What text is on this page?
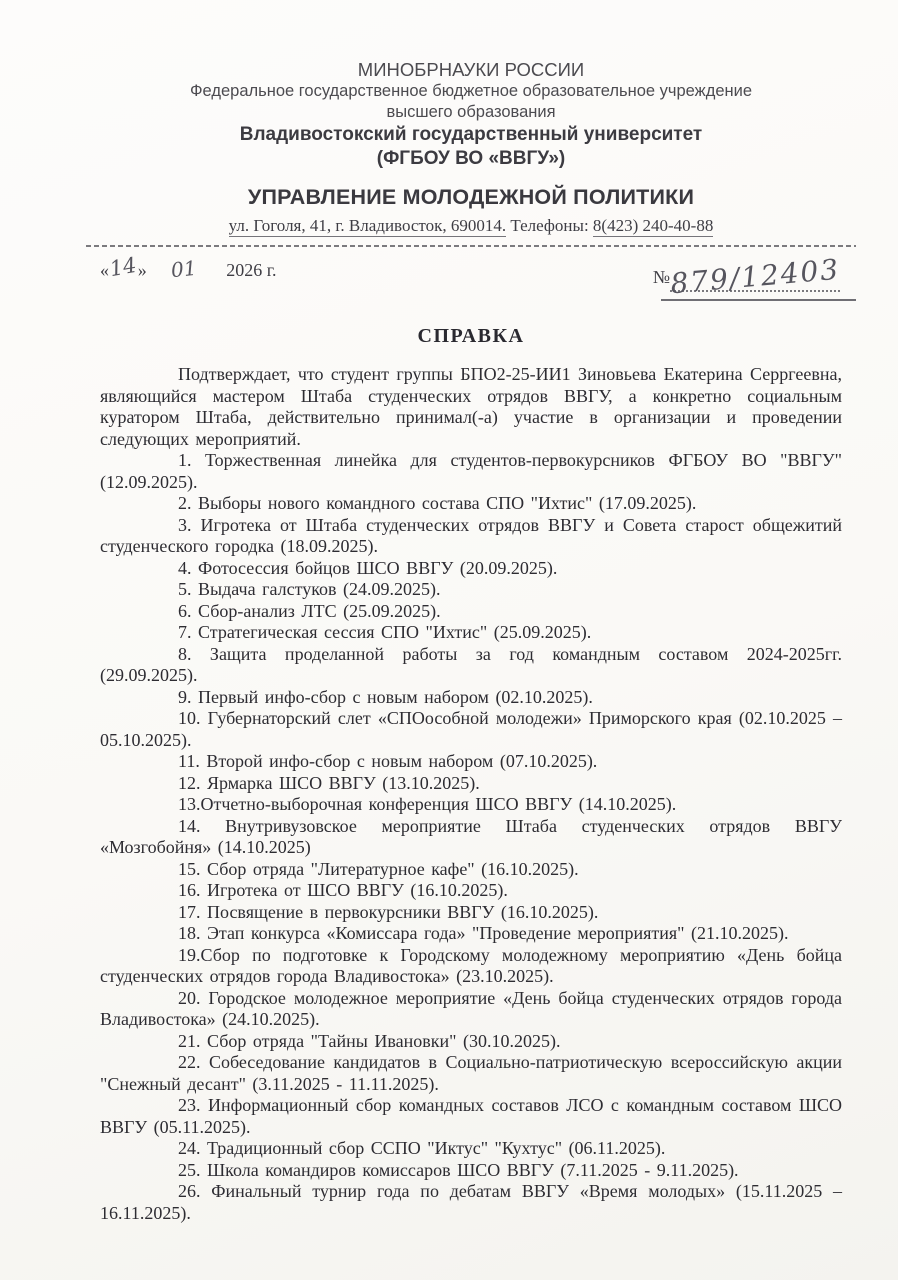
МИНОБРНАУКИ РОССИИ
Федеральное государственное бюджетное образовательное учреждение
высшего образования
Владивостокский государственный университет
(ФГБОУ ВО «ВВГУ»)
УПРАВЛЕНИЕ МОЛОДЕЖНОЙ ПОЛИТИКИ
ул. Гоголя, 41, г. Владивосток, 690014. Телефоны: 8(423) 240-40-88
«14» 01 2026 г.	№879/12403
СПРАВКА

Подтверждает, что студент группы БПО2-25-ИИ1 Зиновьева Екатерина Серргеевна, являющийся мастером Штаба студенческих отрядов ВВГУ, а конкретно социальным куратором Штаба, действительно принимал(-а) участие в организации и проведении следующих мероприятий.

1. Торжественная линейка для студентов-первокурсников ФГБОУ ВО "ВВГУ" (12.09.2025).

2. Выборы нового командного состава СПО "Ихтис" (17.09.2025).

3. Игротека от Штаба студенческих отрядов ВВГУ и Совета старост общежитий студенческого городка (18.09.2025).

4. Фотосессия бойцов ШСО ВВГУ (20.09.2025).

5. Выдача галстуков (24.09.2025).

6. Сбор-анализ ЛТС (25.09.2025).

7. Стратегическая сессия СПО "Ихтис" (25.09.2025).

8. Защита проделанной работы за год командным составом 2024-2025гг. (29.09.2025).

9. Первый инфо-сбор с новым набором (02.10.2025).

10. Губернаторский слет «СПОособной молодежи» Приморского края (02.10.2025 – 05.10.2025).

11. Второй инфо-сбор с новым набором (07.10.2025).

12. Ярмарка ШСО ВВГУ (13.10.2025).

13.Отчетно-выборочная конференция ШСО ВВГУ (14.10.2025).

14. Внутривузовское мероприятие Штаба студенческих отрядов ВВГУ «Мозгобойня» (14.10.2025)

15. Сбор отряда "Литературное кафе" (16.10.2025).

16. Игротека от ШСО ВВГУ (16.10.2025).

17. Посвящение в первокурсники ВВГУ (16.10.2025).

18. Этап конкурса «Комиссара года» "Проведение мероприятия" (21.10.2025).

19.Сбор по подготовке к Городскому молодежному мероприятию «День бойца студенческих отрядов города Владивостока» (23.10.2025).

20. Городское молодежное мероприятие «День бойца студенческих отрядов города Владивостока» (24.10.2025).

21. Сбор отряда "Тайны Ивановки" (30.10.2025).

22. Собеседование кандидатов в Социально-патриотическую всероссийскую акции "Снежный десант" (3.11.2025 - 11.11.2025).

23. Информационный сбор командных составов ЛСО с командным составом ШСО ВВГУ (05.11.2025).

24. Традиционный сбор ССПО "Иктус" "Кухтус" (06.11.2025).

25. Школа командиров комиссаров ШСО ВВГУ (7.11.2025 - 9.11.2025).

26. Финальный турнир года по дебатам ВВГУ «Время молодых» (15.11.2025 – 16.11.2025).
